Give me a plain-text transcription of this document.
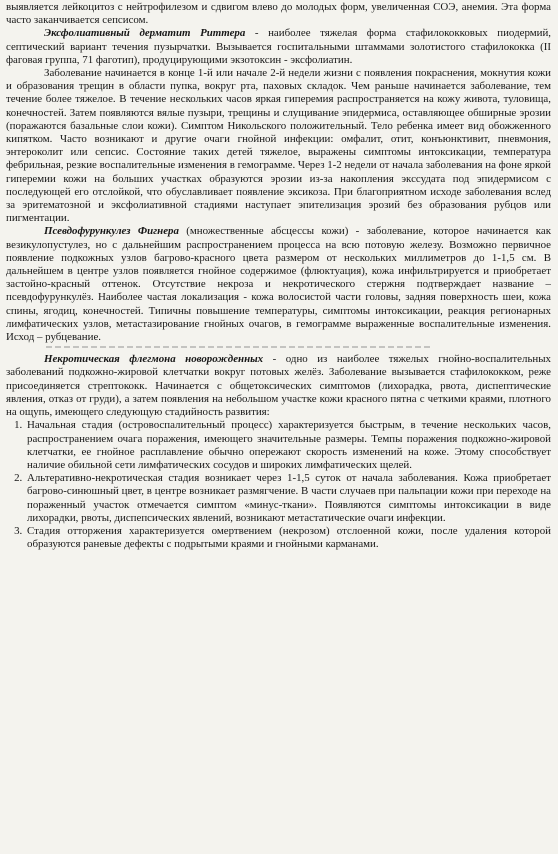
выявляется лейкоцитоз с нейтрофилезом и сдвигом влево до молодых форм, увеличенная СОЭ, анемия. Эта форма часто заканчивается сепсисом.

Эксфолиативный дерматит Риттера - наиболее тяжелая форма стафилококковых пиодермий, септический вариант течения пузырчатки. Вызывается госпитальными штаммами золотистого стафилококка (II фаговая группа, 71 фаготип), продуцирующими экзотоксин - эксфолиатин.

Заболевание начинается в конце 1-й или начале 2-й недели жизни с появления покраснения, мокнутия кожи и образования трещин в области пупка, вокруг рта, паховых складок. Чем раньше начинается заболевание, тем течение более тяжелое. В течение нескольких часов яркая гиперемия распространяется на кожу живота, туловища, конечностей. Затем появляются вялые пузыри, трещины и слущивание эпидермиса, оставляющее обширные эрозии (поражаются базальные слои кожи). Симптом Никольского положительный. Тело ребенка имеет вид обожженного кипятком. Часто возникают и другие очаги гнойной инфекции: омфалит, отит, конъюнктивит, пневмония, энтероколит или сепсис. Состояние таких детей тяжелое, выражены симптомы интоксикации, температура фебрильная, резкие воспалительные изменения в гемограмме. Через 1-2 недели от начала заболевания на фоне яркой гиперемии кожи на больших участках образуются эрозии из-за накопления экссудата под эпидермисом с последующей его отслойкой, что обуславливает появление эксикоза. При благоприятном исходе заболевания вслед за эритематозной и эксфолиативной стадиями наступает эпителизация эрозий без образования рубцов или пигментации.

Псевдофурункулез Фигнера (множественные абсцессы кожи) - заболевание, которое начинается как везикулопустулез, но с дальнейшим распространением процесса на всю потовую железу. Возможно первичное появление подкожных узлов багрово-красного цвета размером от нескольких миллиметров до 1-1,5 см. В дальнейшем в центре узлов появляется гнойное содержимое (флюктуация), кожа инфильтрируется и приобретает застойно-красный оттенок. Отсутствие некроза и некротического стержня подтверждает название – псевдофурункулёз. Наиболее частая локализация - кожа волосистой части головы, задняя поверхность шеи, кожа спины, ягодиц, конечностей. Типичны повышение температуры, симптомы интоксикации, реакция регионарных лимфатических узлов, метастазирование гнойных очагов, в гемограмме выраженные воспалительные изменения. Исход – рубцевание.

Некротическая флегмона новорожденных - одно из наиболее тяжелых гнойно-воспалительных заболеваний подкожно-жировой клетчатки вокруг потовых желёз. Заболевание вызывается стафилококком, реже присоединяется стрептококк. Начинается с общетоксических симптомов (лихорадка, рвота, диспептические явления, отказ от груди), а затем появления на небольшом участке кожи красного пятна с четкими краями, плотного на ощупь, имеющего следующую стадийность развития:

1. Начальная стадия (островоспалительный процесс) характеризуется быстрым, в течение нескольких часов, распространением очага поражения, имеющего значительные размеры. Темпы поражения подкожно-жировой клетчатки, ее гнойное расплавление обычно опережают скорость изменений на коже. Этому способствует наличие обильной сети лимфатических сосудов и широких лимфатических щелей.
2. Альтеративно-некротическая стадия возникает через 1-1,5 суток от начала заболевания. Кожа приобретает багрово-синюшный цвет, в центре возникает размягчение. В части случаев при пальпации кожи при переходе на пораженный участок отмечается симптом «минус-ткани». Появляются симптомы интоксикации в виде лихорадки, рвоты, диспепсических явлений, возникают метастатические очаги инфекции.
3. Стадия отторжения характеризуется омертвением (некрозом) отслоенной кожи, после удаления которой образуются раневые дефекты с подрытыми краями и гнойными карманами.
